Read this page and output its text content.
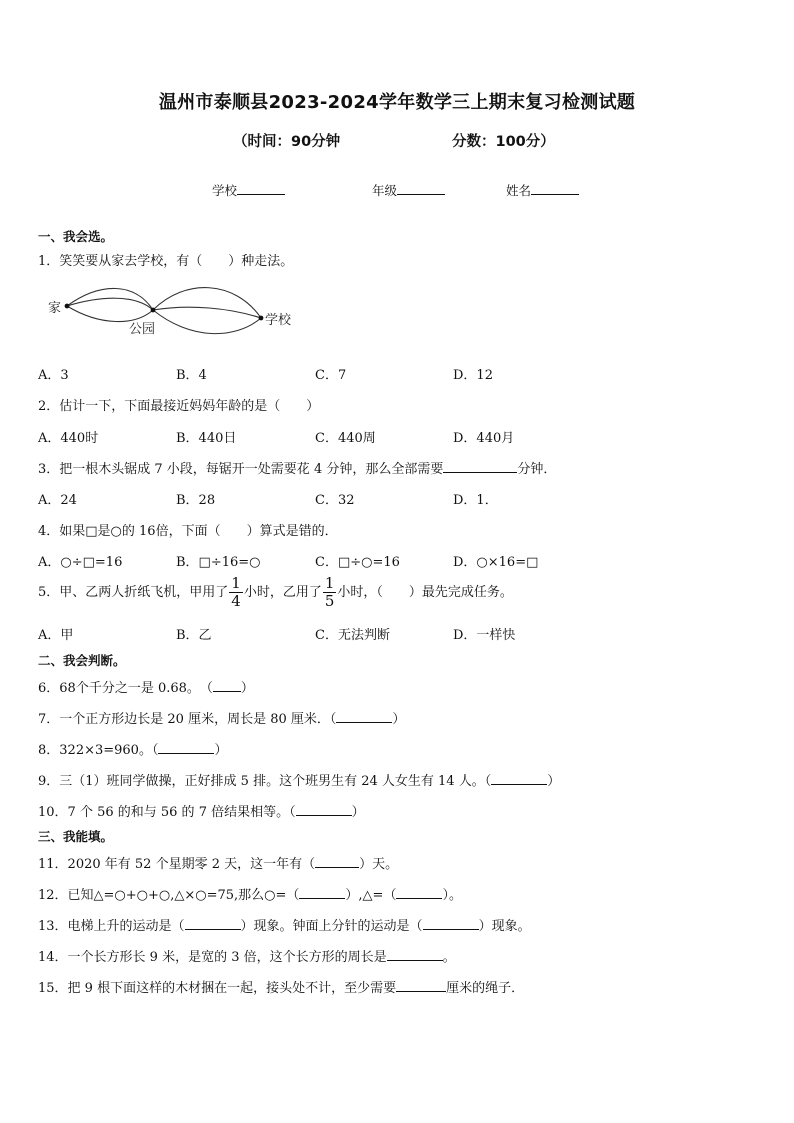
温州市泰顺县2023-2024学年数学三上期末复习检测试题
（时间：90分钟	分数：100分）
学校	年级	姓名
一、我会选。
1．笑笑要从家去学校，有（　　）种走法。
家
公园
学校
A．3	B．4	C．7	D．12
2．估计一下，下面最接近妈妈年龄的是（　　）
A．440时	B．440日	C．440周	D．440月
3．把一根木头锯成 7 小段，每锯开一处需要花 4 分钟，那么全部需要	分钟．
A．24	B．28	C．32	D．1．
4．如果□是○的 16倍，下面（　　）算式是错的．
A．○÷□=16	B．□÷16=○	C．□÷○=16	D．○×16=□
5．甲、乙两人折纸飞机，甲用了 $\frac{1}{4}$ 小时，乙用了 $\frac{1}{5}$ 小时，（　　）最先完成任务。
A．甲	B．乙	C．无法判断	D．一样快
二、我会判断。
6．68个千分之一是 0.68。　（ ）
7．一个正方形边长是 20 厘米，周长是 80 厘米．（	）
8．322×3=960。（	）
9．三（1）班同学做操，正好排成 5 排。这个班男生有 24 人女生有 14 人。（	）
10．7 个 56 的和与 56 的 7 倍结果相等。（	）
三、我能填。
11．2020 年有 52 个星期零 2 天，这一年有（	）天。
12．已知△=○+○+○,△×○=75,那么○=（	）,△=（	）。
13．电梯上升的运动是（	）现象。钟面上分针的运动是（	）现象。
14．一个长方形长 9 米，是宽的 3 倍，这个长方形的周长是	。
15．把 9 根下面这样的木材捆在一起，接头处不计，至少需要	厘米的绳子．
